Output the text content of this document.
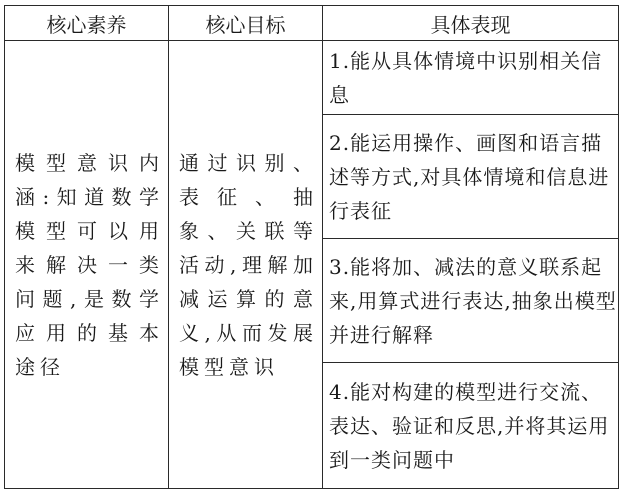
核心素养	核心目标	具体表现

模型意识内涵:知道数学模型可以用来解决一类问题,是数学应用的基本途径	通过识别、表征、抽象、关联等活动,理解加减运算的意义,从而发展模型意识	1.能从具体情境中识别相关信息

		2.能运用操作、画图和语言描述等方式,对具体情境和信息进行表征

		3.能将加、减法的意义联系起来,用算式进行表达,抽象出模型并进行解释

		4.能对构建的模型进行交流、表达、验证和反思,并将其运用到一类问题中
